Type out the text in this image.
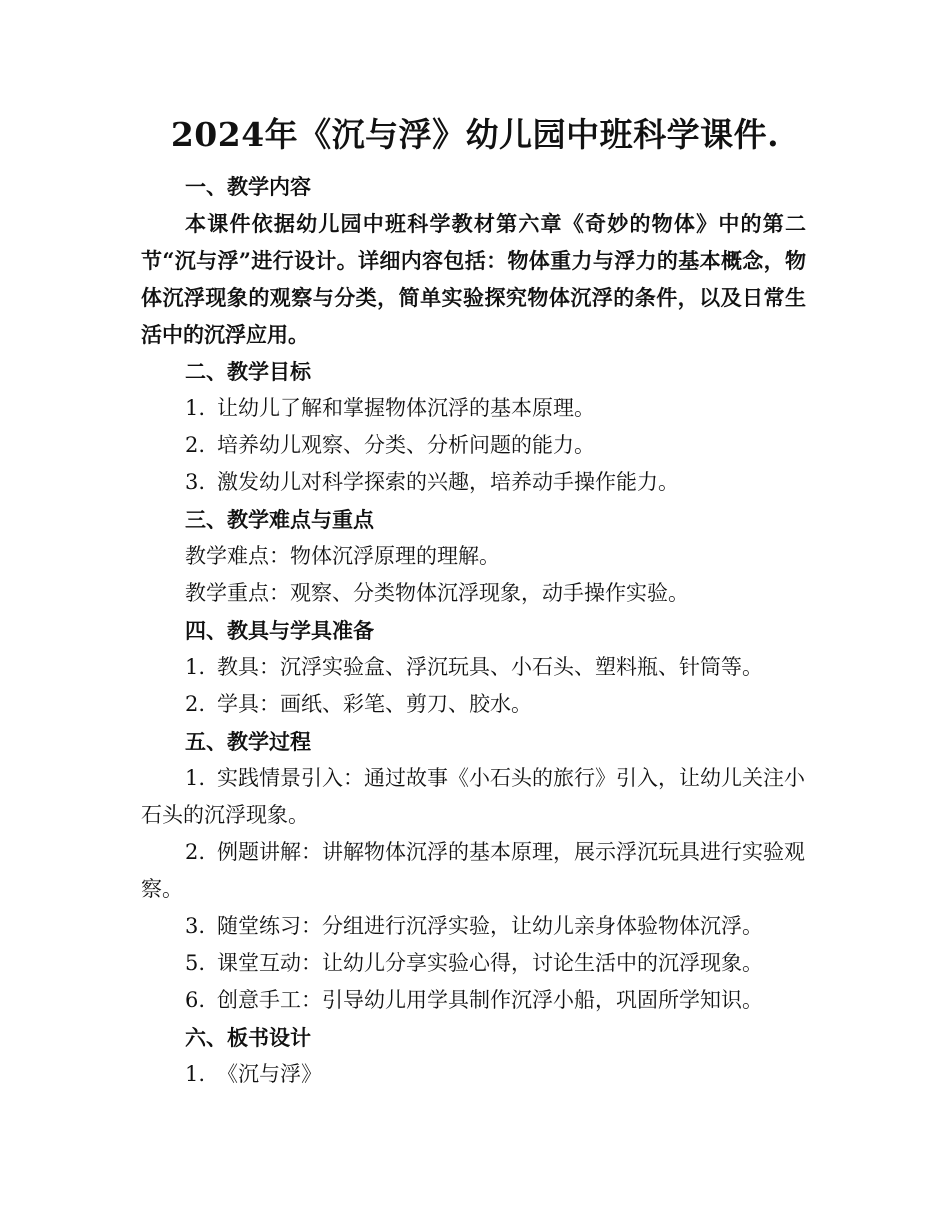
2024年《沉与浮》幼儿园中班科学课件.

一、教学内容

本课件依据幼儿园中班科学教材第六章《奇妙的物体》中的第二节“沉与浮”进行设计。详细内容包括：物体重力与浮力的基本概念，物体沉浮现象的观察与分类，简单实验探究物体沉浮的条件，以及日常生活中的沉浮应用。

二、教学目标

1. 让幼儿了解和掌握物体沉浮的基本原理。

2. 培养幼儿观察、分类、分析问题的能力。

3. 激发幼儿对科学探索的兴趣，培养动手操作能力。

三、教学难点与重点

教学难点：物体沉浮原理的理解。

教学重点：观察、分类物体沉浮现象，动手操作实验。

四、教具与学具准备

1. 教具：沉浮实验盒、浮沉玩具、小石头、塑料瓶、针筒等。

2. 学具：画纸、彩笔、剪刀、胶水。

五、教学过程

1. 实践情景引入：通过故事《小石头的旅行》引入，让幼儿关注小石头的沉浮现象。

2. 例题讲解：讲解物体沉浮的基本原理，展示浮沉玩具进行实验观察。

3. 随堂练习：分组进行沉浮实验，让幼儿亲身体验物体沉浮。

5. 课堂互动：让幼儿分享实验心得，讨论生活中的沉浮现象。

6. 创意手工：引导幼儿用学具制作沉浮小船，巩固所学知识。

六、板书设计

1. 《沉与浮》
